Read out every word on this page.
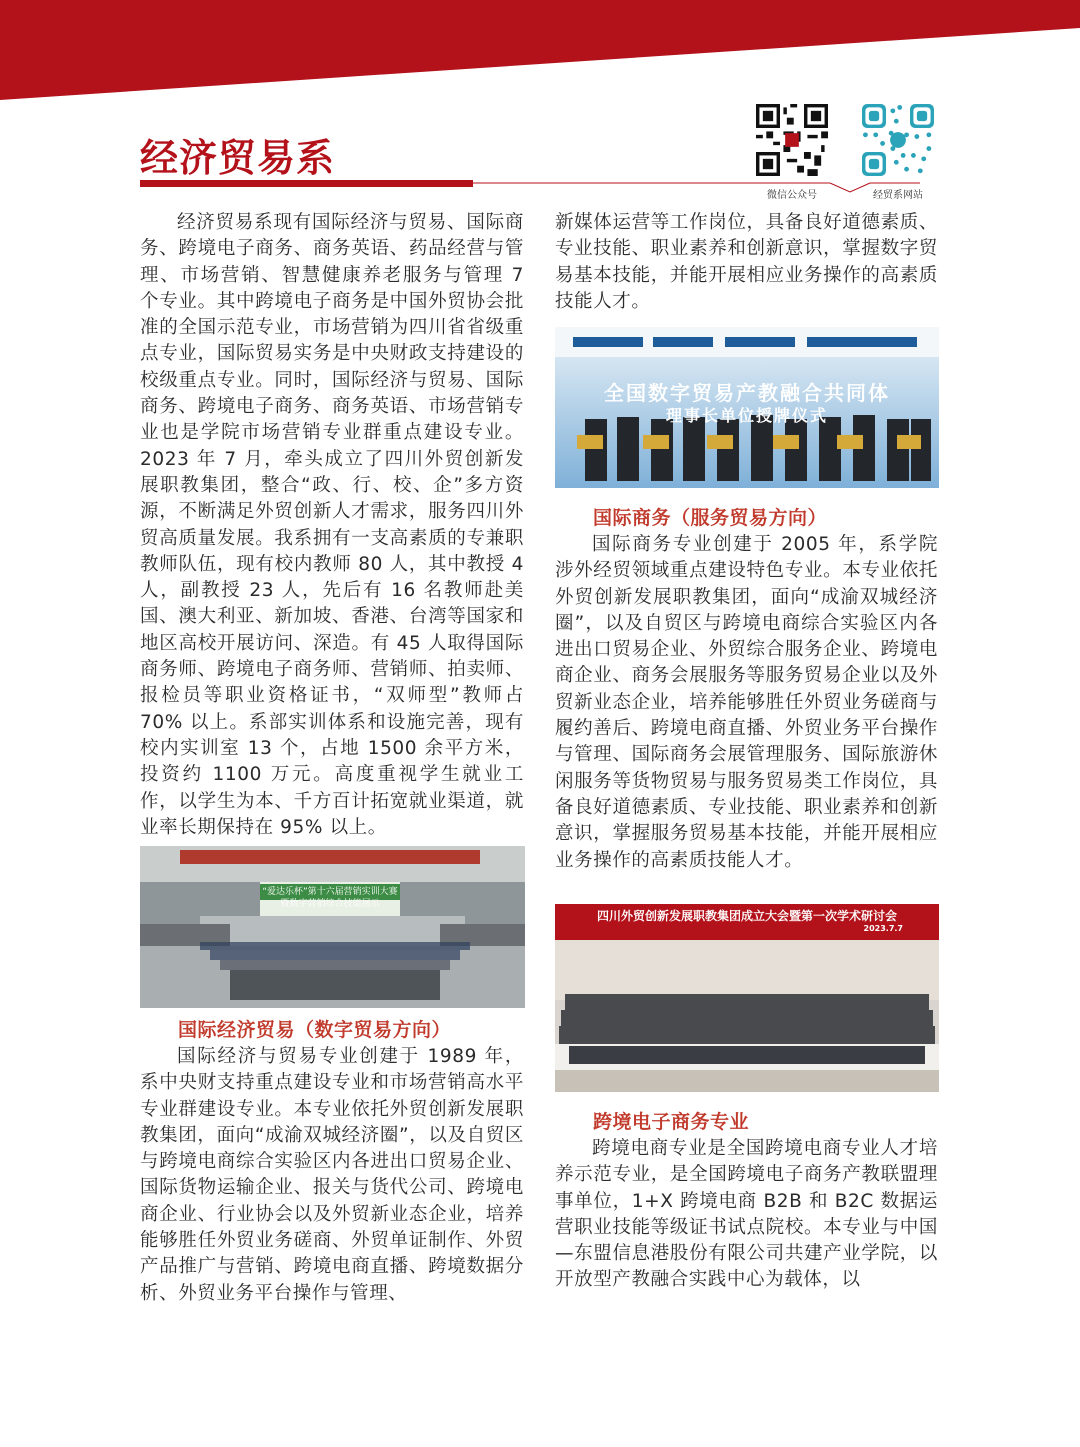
经济贸易系
微信公众号	经贸系网站

经济贸易系现有国际经济与贸易、国际商务、跨境电子商务、商务英语、药品经营与管理、市场营销、智慧健康养老服务与管理 7 个专业。其中跨境电子商务是中国外贸协会批准的全国示范专业，市场营销为四川省省级重点专业，国际贸易实务是中央财政支持建设的校级重点专业。同时，国际经济与贸易、国际商务、跨境电子商务、商务英语、市场营销专业也是学院市场营销专业群重点建设专业。2023 年 7 月，牵头成立了四川外贸创新发展职教集团，整合“政、行、校、企”多方资源，不断满足外贸创新人才需求，服务四川外贸高质量发展。我系拥有一支高素质的专兼职教师队伍，现有校内教师 80 人，其中教授 4 人，副教授 23 人，先后有 16 名教师赴美国、澳大利亚、新加坡、香港、台湾等国家和地区高校开展访问、深造。有 45 人取得国际商务师、跨境电子商务师、营销师、拍卖师、报检员等职业资格证书，“双师型”教师占 70% 以上。系部实训体系和设施完善，现有校内实训室 13 个，占地 1500 余平方米，投资约 1100 万元。高度重视学生就业工作，以学生为本、千方百计拓宽就业渠道，就业率长期保持在 95% 以上。

“爱达乐杯”第十六届营销实训大赛暨数字营销综合技能展示
国际经济贸易（数字贸易方向）

国际经济与贸易专业创建于 1989 年，系中央财支持重点建设专业和市场营销高水平专业群建设专业。本专业依托外贸创新发展职教集团，面向“成渝双城经济圈”，以及自贸区与跨境电商综合实验区内各进出口贸易企业、国际货物运输企业、报关与货代公司、跨境电商企业、行业协会以及外贸新业态企业，培养能够胜任外贸业务磋商、外贸单证制作、外贸产品推广与营销、跨境电商直播、跨境数据分析、外贸业务平台操作与管理、

新媒体运营等工作岗位，具备良好道德素质、专业技能、职业素养和创新意识，掌握数字贸易基本技能，并能开展相应业务操作的高素质技能人才。

全国数字贸易产教融合共同体
理事长单位授牌仪式
国际商务（服务贸易方向）

国际商务专业创建于 2005 年，系学院涉外经贸领域重点建设特色专业。本专业依托外贸创新发展职教集团，面向“成渝双城经济圈”，以及自贸区与跨境电商综合实验区内各进出口贸易企业、外贸综合服务企业、跨境电商企业、商务会展服务等服务贸易企业以及外贸新业态企业，培养能够胜任外贸业务磋商与履约善后、跨境电商直播、外贸业务平台操作与管理、国际商务会展管理服务、国际旅游休闲服务等货物贸易与服务贸易类工作岗位，具备良好道德素质、专业技能、职业素养和创新意识，掌握服务贸易基本技能，并能开展相应业务操作的高素质技能人才。

四川外贸创新发展职教集团成立大会暨第一次学术研讨会
2023.7.7
跨境电子商务专业

跨境电商专业是全国跨境电商专业人才培养示范专业，是全国跨境电子商务产教联盟理事单位，1+X 跨境电商 B2B 和 B2C 数据运营职业技能等级证书试点院校。本专业与中国—东盟信息港股份有限公司共建产业学院，以开放型产教融合实践中心为载体，以
